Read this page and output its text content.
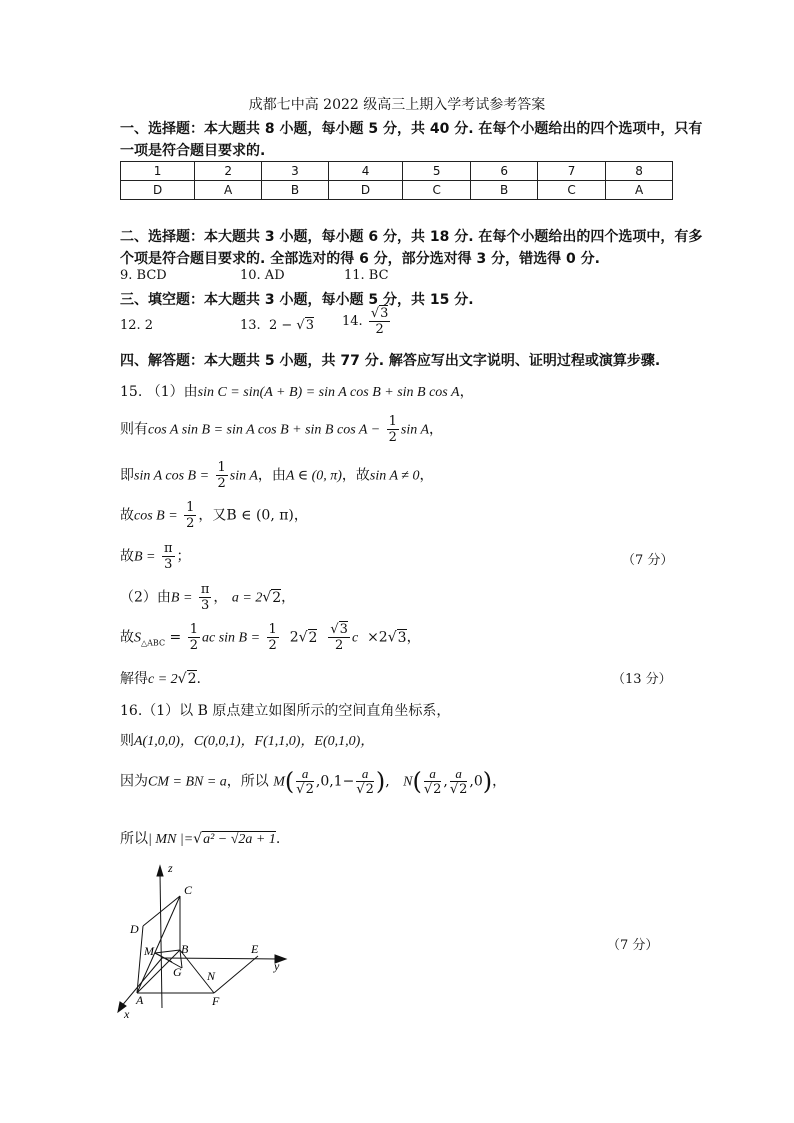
成都七中高 2022 级高三上期入学考试参考答案
一、选择题：本大题共 8 小题，每小题 5 分，共 40 分. 在每个小题给出的四个选项中，只有
一项是符合题目要求的.
1	2	3	4	5	6	7	8
D	A	B	D	C	B	C	A
二、选择题：本大题共 3 小题，每小题 6 分，共 18 分. 在每个小题给出的四个选项中，有多
个项是符合题目要求的. 全部选对的得 6 分，部分选对得 3 分，错选得 0 分.
9. BCD	10. AD	11. BC
三、填空题：本大题共 3 小题，每小题 5 分，共 15 分.
12. 2	13. 2 − √3 14. $\frac{√3}{2}$
四、解答题：本大题共 5 小题，共 77 分. 解答应写出文字说明、证明过程或演算步骤.
15. （1）由sin C = sin(A + B) = sin A cos B + sin B cos A，
则有cos A sin B = sin A cos B + sin B $\cos A - \frac{1}{2}$ sin A，
即sin A $\cos B = \frac{1}{2}$ sin A，由A ∈ (0, π)，故sin A ≠ 0，
故$\cos B = \frac{1}{2}$ ，又B ∈ (0, π)，
故$B = \frac{\pi}{3}$ ；	（7 分）
（2）由$B = \frac{\pi}{3}$ ， a = 2√2，
故$S_{\triangle ABC} = \frac{1}{2}$ ac $\sin B = \frac{1}{2} 2√2 \frac{√3}{2}$ c ×2√3，
解得c = 2√2.	（13 分）
16.（1）以 B 原点建立如图所示的空间直角坐标系，
则A(1,0,0)，C(0,0,1)，F(1,1,0)，E(0,1,0)，
因为CM = BN = a，所以 $M( \frac{a}{√2} ,0,1- \frac{a}{√2}$ ), $N( \frac{a}{√2}$ , $\frac{a}{√2} ,0$)，
所以| MN |=√a² − √2a + 1.
z
C
D
M B	E
y
G N
A	F
x
（7 分）
